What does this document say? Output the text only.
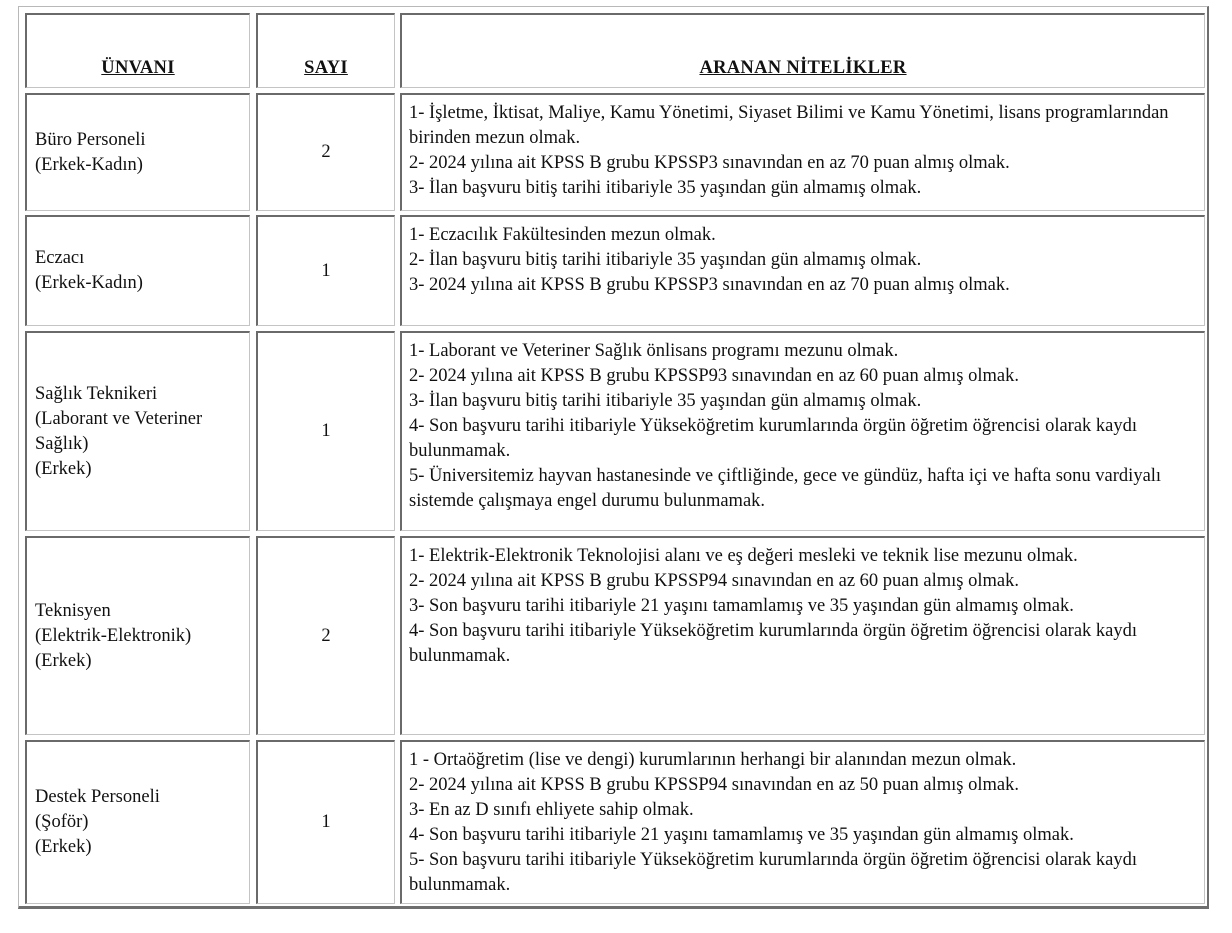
ÜNVANI	SAYI	ARANAN NİTELİKLER
Büro Personeli
(Erkek-Kadın)
2
1- İşletme, İktisat, Maliye, Kamu Yönetimi, Siyaset Bilimi ve Kamu Yönetimi, lisans programlarından birinden mezun olmak.
2- 2024 yılına ait KPSS B grubu KPSSP3 sınavından en az 70 puan almış olmak.
3- İlan başvuru bitiş tarihi itibariyle 35 yaşından gün almamış olmak.
Eczacı
(Erkek-Kadın)
1
1- Eczacılık Fakültesinden mezun olmak.
2- İlan başvuru bitiş tarihi itibariyle 35 yaşından gün almamış olmak.
3- 2024 yılına ait KPSS B grubu KPSSP3 sınavından en az 70 puan almış olmak.
Sağlık Teknikeri
(Laborant ve Veteriner
Sağlık)
(Erkek)
1
1- Laborant ve Veteriner Sağlık önlisans programı mezunu olmak.
2- 2024 yılına ait KPSS B grubu KPSSP93 sınavından en az 60 puan almış olmak.
3- İlan başvuru bitiş tarihi itibariyle 35 yaşından gün almamış olmak.
4- Son başvuru tarihi itibariyle Yükseköğretim kurumlarında örgün öğretim öğrencisi olarak kaydı bulunmamak.
5- Üniversitemiz hayvan hastanesinde ve çiftliğinde, gece ve gündüz, hafta içi ve hafta sonu vardiyalı sistemde çalışmaya engel durumu bulunmamak.
Teknisyen
(Elektrik-Elektronik)
(Erkek)
2
1- Elektrik-Elektronik Teknolojisi alanı ve eş değeri mesleki ve teknik lise mezunu olmak.
2- 2024 yılına ait KPSS B grubu KPSSP94 sınavından en az 60 puan almış olmak.
3- Son başvuru tarihi itibariyle 21 yaşını tamamlamış ve 35 yaşından gün almamış olmak.
4- Son başvuru tarihi itibariyle Yükseköğretim kurumlarında örgün öğretim öğrencisi olarak kaydı bulunmamak.
Destek Personeli
(Şoför)
(Erkek)
1
1 - Ortaöğretim (lise ve dengi) kurumlarının herhangi bir alanından mezun olmak.
2- 2024 yılına ait KPSS B grubu KPSSP94 sınavından en az 50 puan almış olmak.
3- En az D sınıfı ehliyete sahip olmak.
4- Son başvuru tarihi itibariyle 21 yaşını tamamlamış ve 35 yaşından gün almamış olmak.
5- Son başvuru tarihi itibariyle Yükseköğretim kurumlarında örgün öğretim öğrencisi olarak kaydı bulunmamak.
